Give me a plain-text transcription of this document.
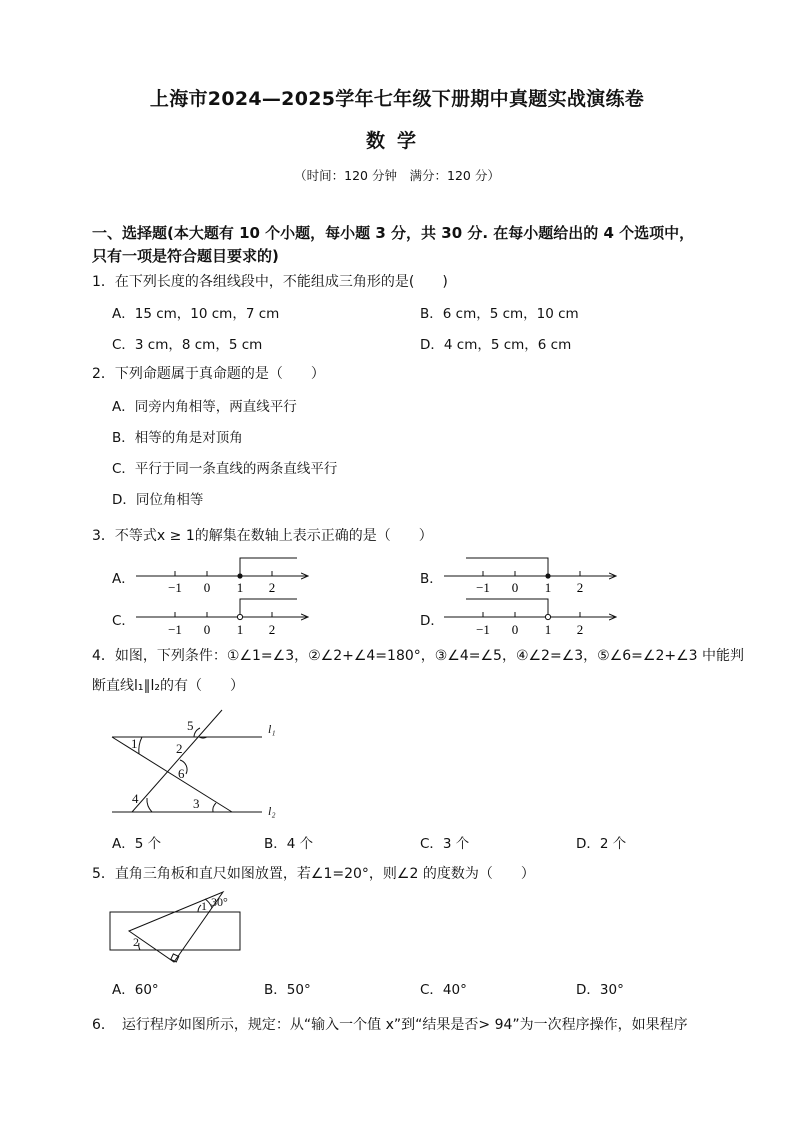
上海市2024—2025学年七年级下册期中真题实战演练卷
数学
（时间：120 分钟　满分：120 分）
一、选择题(本大题有 10 个小题，每小题 3 分，共 30 分. 在每小题给出的 4 个选项中，
只有一项是符合题目要求的)
1．在下列长度的各组线段中，不能组成三角形的是(　　)
A．15 cm，10 cm，7 cm	B．6 cm，5 cm，10 cm
C．3 cm，8 cm，5 cm	D．4 cm，5 cm，6 cm
2．下列命题属于真命题的是（　　）
A．同旁内角相等，两直线平行
B．相等的角是对顶角
C．平行于同一条直线的两条直线平行
D．同位角相等
3．不等式x ≥ 1的解集在数轴上表示正确的是（　　）
A．	B．
C．	D．
−1 0 1 2	−1 0 1 2
−1 0 1 2	−1 0 1 2
5
2
1
6
4	3
l₁
l₂
1 30°
2
4．如图，下列条件：①∠1=∠3，②∠2+∠4=180°，③∠4=∠5，④∠2=∠3，⑤∠6=∠2+∠3 中能判
断直线l₁∥l₂的有（　　）
A．5 个	B．4 个	C．3 个	D．2 个
5．直角三角板和直尺如图放置，若∠1=20°，则∠2 的度数为（　　）
A．60°	B．50°	C．40°	D．30°
6．　运行程序如图所示，规定：从“输入一个值 x”到“结果是否> 94”为一次程序操作，如果程序
